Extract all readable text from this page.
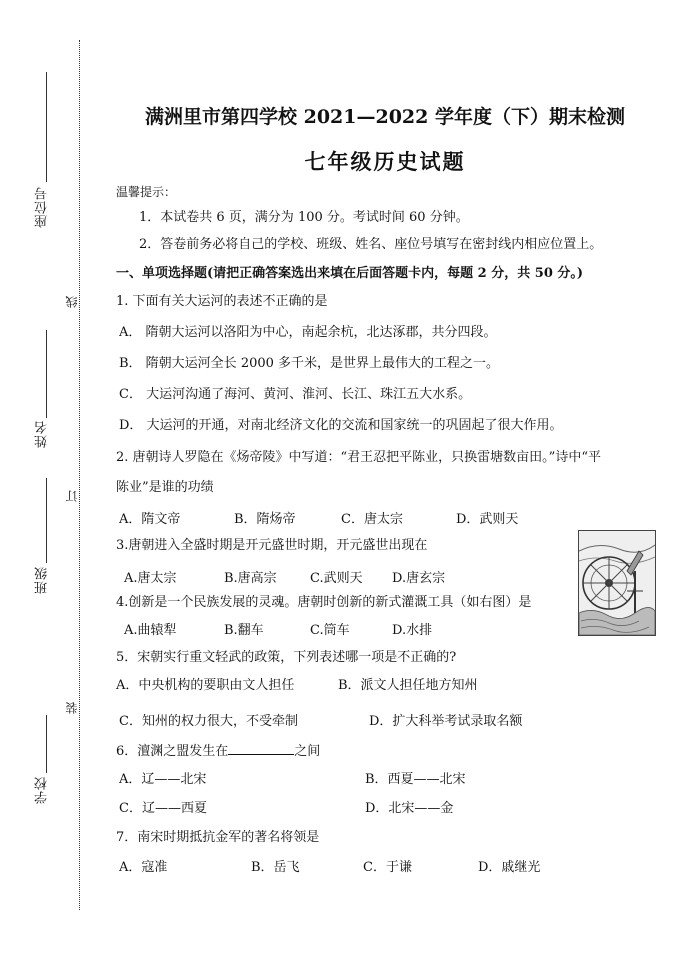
座位号
姓名
班级
学校
线
订
装
满洲里市第四学校 2021—2022 学年度（下）期末检测
七年级历史试题
温馨提示：
1．本试卷共 6 页，满分为 100 分。考试时间 60 分钟。
2．答卷前务必将自己的学校、班级、姓名、座位号填写在密封线内相应位置上。
一、单项选择题(请把正确答案选出来填在后面答题卡内，每题 2 分，共 50 分。)
1. 下面有关大运河的表述不正确的是
A． 隋朝大运河以洛阳为中心，南起余杭，北达涿郡，共分四段。
B． 隋朝大运河全长 2000 多千米，是世界上最伟大的工程之一。
C． 大运河沟通了海河、黄河、淮河、长江、珠江五大水系。
D． 大运河的开通，对南北经济文化的交流和国家统一的巩固起了很大作用。
2. 唐朝诗人罗隐在《炀帝陵》中写道：“君王忍把平陈业，只换雷塘数亩田。”诗中“平
陈业”是谁的功绩
A．隋文帝	B．隋炀帝	C．唐太宗	D．武则天
3.唐朝进入全盛时期是开元盛世时期，开元盛世出现在
A.唐太宗	B.唐高宗	C.武则天 D.唐玄宗
4.创新是一个民族发展的灵魂。唐朝时创新的新式灌溉工具（如右图）是
A.曲辕犁	B.翻车	C.筒车	D.水排
5．宋朝实行重文轻武的政策，下列表述哪一项是不正确的?
A．中央机构的要职由文人担任	B．派文人担任地方知州
C．知州的权力很大，不受牵制	D．扩大科举考试录取名额
6．澶渊之盟发生在	之间
A．辽——北宋	B．西夏——北宋
C．辽——西夏	D．北宋——金
7．南宋时期抵抗金军的著名将领是
A．寇准	B．岳飞	C．于谦	D．戚继光
